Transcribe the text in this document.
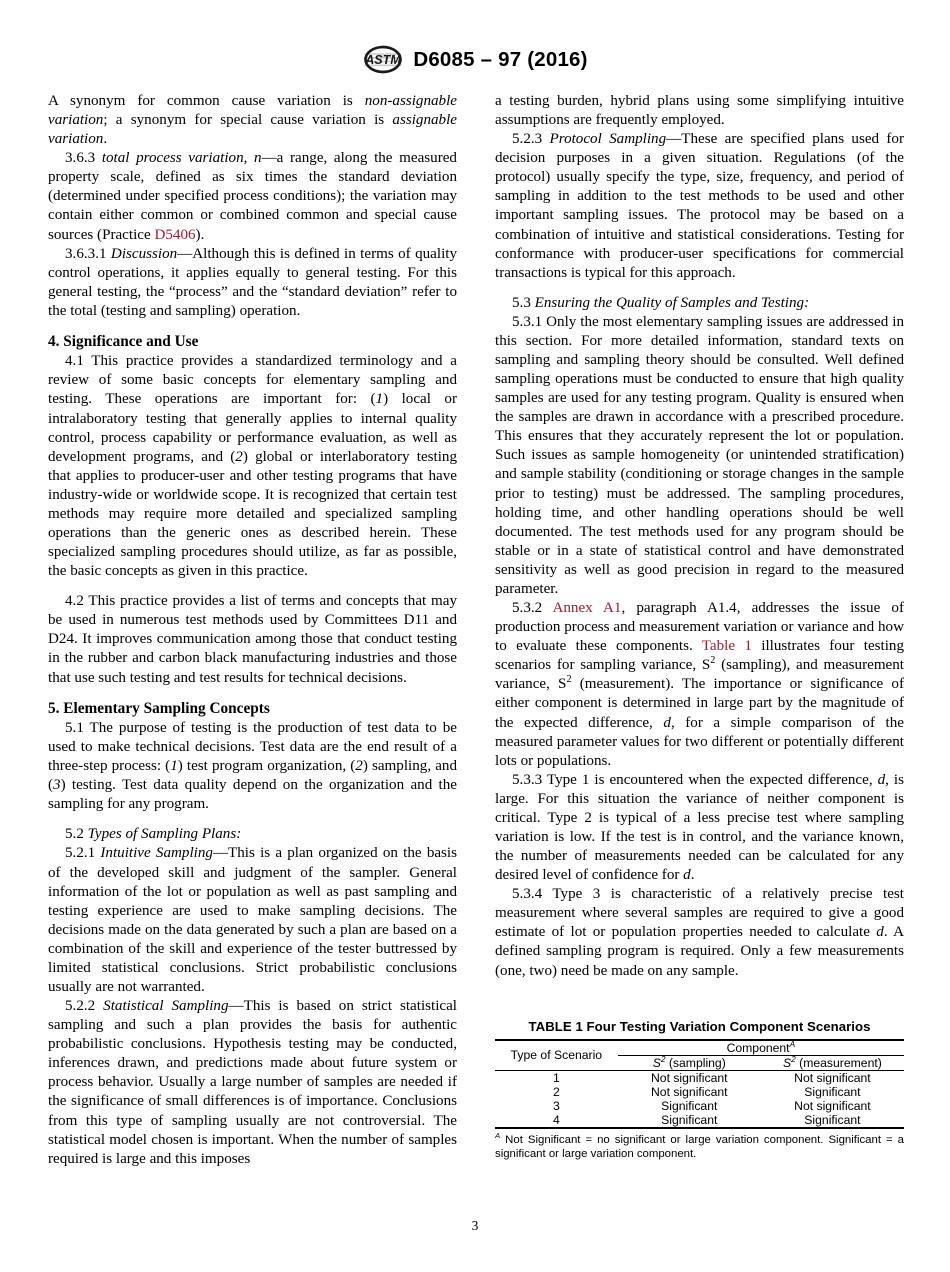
ASTM D6085 – 97 (2016)

A synonym for common cause variation is non-assignable variation; a synonym for special cause variation is assignable variation.

3.6.3 total process variation, n—a range, along the measured property scale, defined as six times the standard deviation (determined under specified process conditions); the variation may contain either common or combined common and special cause sources (Practice D5406).

3.6.3.1 Discussion—Although this is defined in terms of quality control operations, it applies equally to general testing. For this general testing, the “process” and the “standard deviation” refer to the total (testing and sampling) operation.

4. Significance and Use

4.1 This practice provides a standardized terminology and a review of some basic concepts for elementary sampling and testing. These operations are important for: (1) local or intralaboratory testing that generally applies to internal quality control, process capability or performance evaluation, as well as development programs, and (2) global or interlaboratory testing that applies to producer-user and other testing programs that have industry-wide or worldwide scope. It is recognized that certain test methods may require more detailed and specialized sampling operations than the generic ones as described herein. These specialized sampling procedures should utilize, as far as possible, the basic concepts as given in this practice.

4.2 This practice provides a list of terms and concepts that may be used in numerous test methods used by Committees D11 and D24. It improves communication among those that conduct testing in the rubber and carbon black manufacturing industries and those that use such testing and test results for technical decisions.

5. Elementary Sampling Concepts

5.1 The purpose of testing is the production of test data to be used to make technical decisions. Test data are the end result of a three-step process: (1) test program organization, (2) sampling, and (3) testing. Test data quality depend on the organization and the sampling for any program.

5.2 Types of Sampling Plans:

5.2.1 Intuitive Sampling—This is a plan organized on the basis of the developed skill and judgment of the sampler. General information of the lot or population as well as past sampling and testing experience are used to make sampling decisions. The decisions made on the data generated by such a plan are based on a combination of the skill and experience of the tester buttressed by limited statistical conclusions. Strict probabilistic conclusions usually are not warranted.

5.2.2 Statistical Sampling—This is based on strict statistical sampling and such a plan provides the basis for authentic probabilistic conclusions. Hypothesis testing may be conducted, inferences drawn, and predictions made about future system or process behavior. Usually a large number of samples are needed if the significance of small differences is of importance. Conclusions from this type of sampling usually are not controversial. The statistical model chosen is important. When the number of samples required is large and this imposes

a testing burden, hybrid plans using some simplifying intuitive assumptions are frequently employed.

5.2.3 Protocol Sampling—These are specified plans used for decision purposes in a given situation. Regulations (of the protocol) usually specify the type, size, frequency, and period of sampling in addition to the test methods to be used and other important sampling issues. The protocol may be based on a combination of intuitive and statistical considerations. Testing for conformance with producer-user specifications for commercial transactions is typical for this approach.

5.3 Ensuring the Quality of Samples and Testing:

5.3.1 Only the most elementary sampling issues are addressed in this section. For more detailed information, standard texts on sampling and sampling theory should be consulted. Well defined sampling operations must be conducted to ensure that high quality samples are used for any testing program. Quality is ensured when the samples are drawn in accordance with a prescribed procedure. This ensures that they accurately represent the lot or population. Such issues as sample homogeneity (or unintended stratification) and sample stability (conditioning or storage changes in the sample prior to testing) must be addressed. The sampling procedures, holding time, and other handling operations should be well documented. The test methods used for any program should be stable or in a state of statistical control and have demonstrated sensitivity as well as good precision in regard to the measured parameter.

5.3.2 Annex A1, paragraph A1.4, addresses the issue of production process and measurement variation or variance and how to evaluate these components. Table 1 illustrates four testing scenarios for sampling variance, $S^2$ (sampling), and measurement variance, $S^2$ (measurement). The importance or significance of either component is determined in large part by the magnitude of the expected difference, d, for a simple comparison of the measured parameter values for two different or potentially different lots or populations.

5.3.3 Type 1 is encountered when the expected difference, d, is large. For this situation the variance of neither component is critical. Type 2 is typical of a less precise test where sampling variation is low. If the test is in control, and the variance known, the number of measurements needed can be calculated for any desired level of confidence for d.

5.3.4 Type 3 is characteristic of a relatively precise test measurement where several samples are required to give a good estimate of lot or population properties needed to calculate d. A defined sampling program is required. Only a few measurements (one, two) need be made on any sample.

TABLE 1 Four Testing Variation Component Scenarios
Type of Scenario	Component$^A$
	$S^2$ (sampling)	$S^2$ (measurement)
1	Not significant	Not significant
2	Not significant	Significant
3	Significant	Not significant
4	Significant	Significant
$^A$ Not Significant = no significant or large variation component. Significant = a significant or large variation component.
3
